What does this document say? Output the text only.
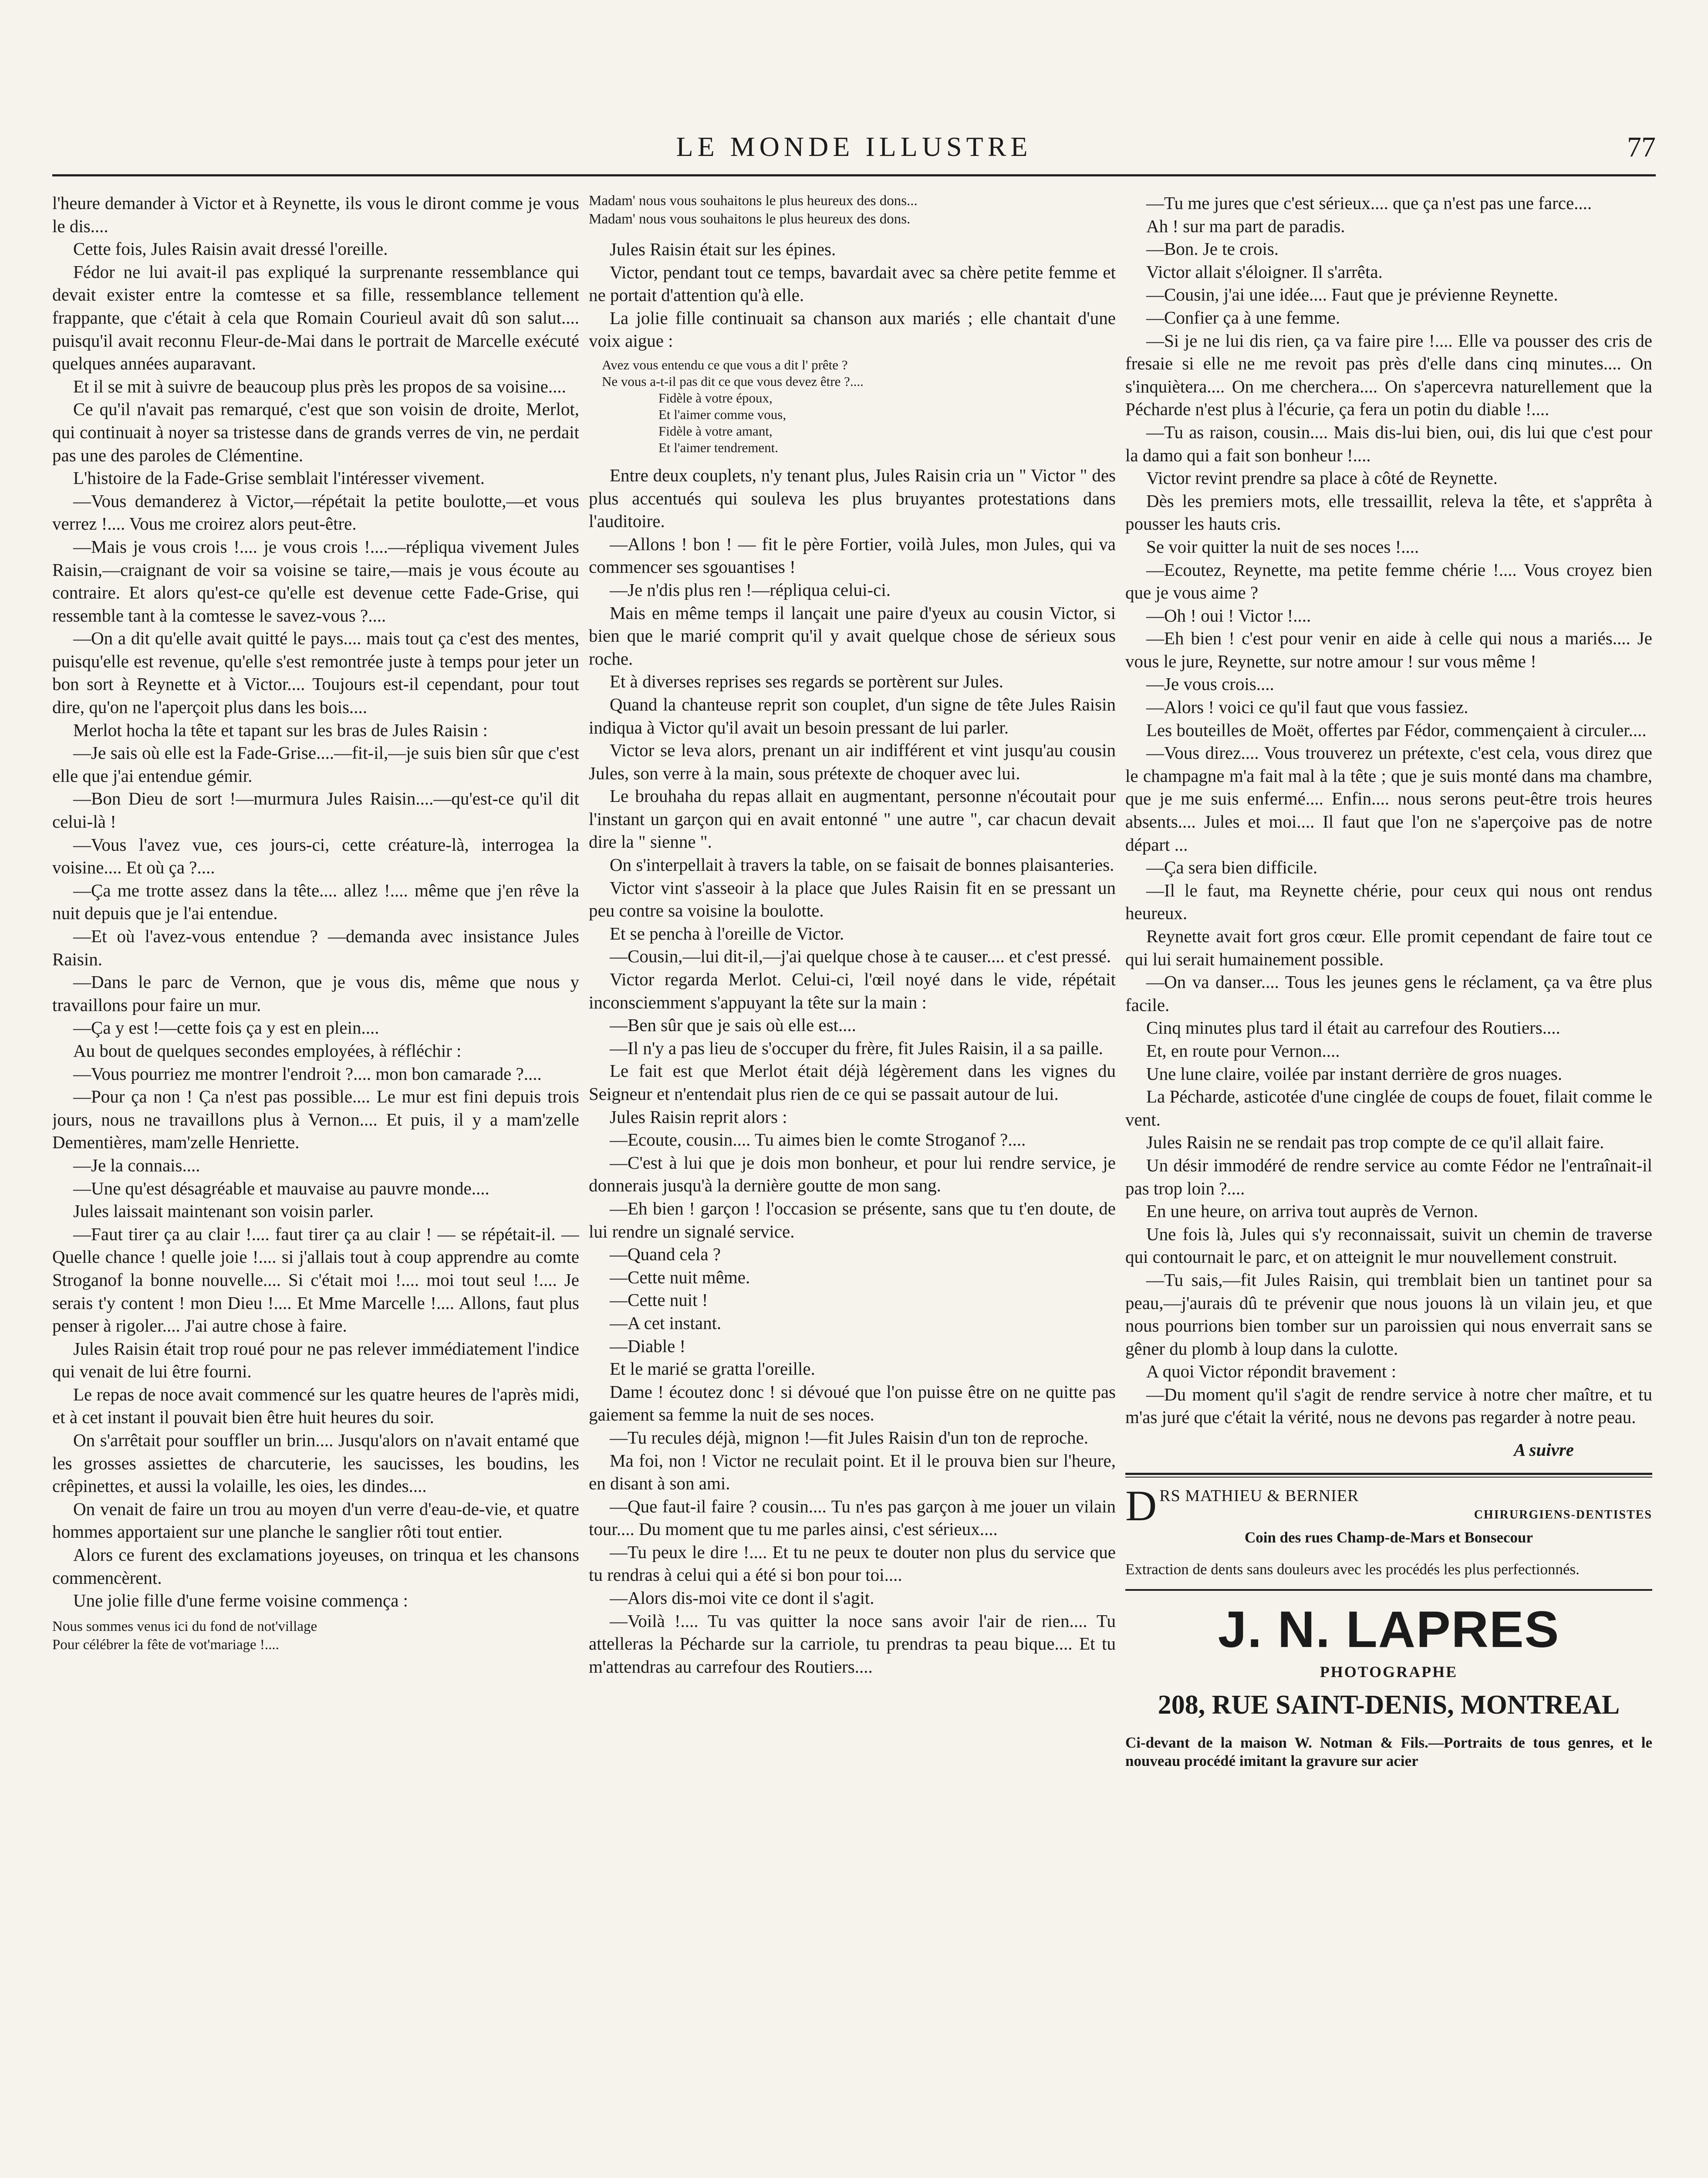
LE MONDE ILLUSTRE	77

l'heure demander à Victor et à Reynette, ils vous le diront comme je vous le dis....

Cette fois, Jules Raisin avait dressé l'oreille.

Fédor ne lui avait-il pas expliqué la surprenante ressemblance qui devait exister entre la comtesse et sa fille, ressemblance tellement frappante, que c'était à cela que Romain Courieul avait dû son salut.... puisqu'il avait reconnu Fleur-de-Mai dans le portrait de Marcelle exécuté quelques années auparavant.

Et il se mit à suivre de beaucoup plus près les propos de sa voisine....

Ce qu'il n'avait pas remarqué, c'est que son voisin de droite, Merlot, qui continuait à noyer sa tristesse dans de grands verres de vin, ne perdait pas une des paroles de Clémentine.

L'histoire de la Fade-Grise semblait l'intéresser vivement.

—Vous demanderez à Victor,—répétait la petite boulotte,—et vous verrez !.... Vous me croirez alors peut-être.

—Mais je vous crois !.... je vous crois !....—répliqua vivement Jules Raisin,—craignant de voir sa voisine se taire,—mais je vous écoute au contraire. Et alors qu'est-ce qu'elle est devenue cette Fade-Grise, qui ressemble tant à la comtesse le savez-vous ?....

—On a dit qu'elle avait quitté le pays.... mais tout ça c'est des mentes, puisqu'elle est revenue, qu'elle s'est remontrée juste à temps pour jeter un bon sort à Reynette et à Victor.... Toujours est-il cependant, pour tout dire, qu'on ne l'aperçoit plus dans les bois....

Merlot hocha la tête et tapant sur les bras de Jules Raisin :

—Je sais où elle est la Fade-Grise....—fit-il,—je suis bien sûr que c'est elle que j'ai entendue gémir.

—Bon Dieu de sort !—murmura Jules Raisin....—qu'est-ce qu'il dit celui-là !

—Vous l'avez vue, ces jours-ci, cette créature-là, interrogea la voisine.... Et où ça ?....

—Ça me trotte assez dans la tête.... allez !.... même que j'en rêve la nuit depuis que je l'ai entendue.

—Et où l'avez-vous entendue ? —demanda avec insistance Jules Raisin.

—Dans le parc de Vernon, que je vous dis, même que nous y travaillons pour faire un mur.

—Ça y est !—cette fois ça y est en plein....

Au bout de quelques secondes employées, à réfléchir :

—Vous pourriez me montrer l'endroit ?.... mon bon camarade ?....

—Pour ça non ! Ça n'est pas possible.... Le mur est fini depuis trois jours, nous ne travaillons plus à Vernon.... Et puis, il y a mam'zelle Dementières, mam'zelle Henriette.

—Je la connais....

—Une qu'est désagréable et mauvaise au pauvre monde....

Jules laissait maintenant son voisin parler.

—Faut tirer ça au clair !.... faut tirer ça au clair ! — se répétait-il. — Quelle chance ! quelle joie !.... si j'allais tout à coup apprendre au comte Stroganof la bonne nouvelle.... Si c'était moi !.... moi tout seul !.... Je serais t'y content ! mon Dieu !.... Et Mme Marcelle !.... Allons, faut plus penser à rigoler.... J'ai autre chose à faire.

Jules Raisin était trop roué pour ne pas relever immédiatement l'indice qui venait de lui être fourni.

Le repas de noce avait commencé sur les quatre heures de l'après midi, et à cet instant il pouvait bien être huit heures du soir.

On s'arrêtait pour souffler un brin.... Jusqu'alors on n'avait entamé que les grosses assiettes de charcuterie, les saucisses, les boudins, les crêpinettes, et aussi la volaille, les oies, les dindes....

On venait de faire un trou au moyen d'un verre d'eau-de-vie, et quatre hommes apportaient sur une planche le sanglier rôti tout entier.

Alors ce furent des exclamations joyeuses, on trinqua et les chansons commencèrent.

Une jolie fille d'une ferme voisine commença :

Nous sommes venus ici du fond de not'village
Pour célébrer la fête de vot'mariage !....
Madam' nous vous souhaitons le plus heureux des dons...
Madam' nous vous souhaitons le plus heureux des dons.

Jules Raisin était sur les épines.

Victor, pendant tout ce temps, bavardait avec sa chère petite femme et ne portait d'attention qu'à elle.

La jolie fille continuait sa chanson aux mariés ; elle chantait d'une voix aigue :

Avez vous entendu ce que vous a dit l' prête ?
Ne vous a-t-il pas dit ce que vous devez être ?....
Fidèle à votre époux,
Et l'aimer comme vous,
Fidèle à votre amant,
Et l'aimer tendrement.

Entre deux couplets, n'y tenant plus, Jules Raisin cria un " Victor " des plus accentués qui souleva les plus bruyantes protestations dans l'auditoire.

—Allons ! bon ! — fit le père Fortier, voilà Jules, mon Jules, qui va commencer ses sgouantises !

—Je n'dis plus ren !—répliqua celui-ci.

Mais en même temps il lançait une paire d'yeux au cousin Victor, si bien que le marié comprit qu'il y avait quelque chose de sérieux sous roche.

Et à diverses reprises ses regards se portèrent sur Jules.

Quand la chanteuse reprit son couplet, d'un signe de tête Jules Raisin indiqua à Victor qu'il avait un besoin pressant de lui parler.

Victor se leva alors, prenant un air indifférent et vint jusqu'au cousin Jules, son verre à la main, sous prétexte de choquer avec lui.

Le brouhaha du repas allait en augmentant, personne n'écoutait pour l'instant un garçon qui en avait entonné " une autre ", car chacun devait dire la " sienne ".

On s'interpellait à travers la table, on se faisait de bonnes plaisanteries.

Victor vint s'asseoir à la place que Jules Raisin fit en se pressant un peu contre sa voisine la boulotte.

Et se pencha à l'oreille de Victor.

—Cousin,—lui dit-il,—j'ai quelque chose à te causer.... et c'est pressé.

Victor regarda Merlot. Celui-ci, l'œil noyé dans le vide, répétait inconsciemment s'appuyant la tête sur la main :

—Ben sûr que je sais où elle est....

—Il n'y a pas lieu de s'occuper du frère, fit Jules Raisin, il a sa paille.

Le fait est que Merlot était déjà légèrement dans les vignes du Seigneur et n'entendait plus rien de ce qui se passait autour de lui.

Jules Raisin reprit alors :

—Ecoute, cousin.... Tu aimes bien le comte Stroganof ?....

—C'est à lui que je dois mon bonheur, et pour lui rendre service, je donnerais jusqu'à la dernière goutte de mon sang.

—Eh bien ! garçon ! l'occasion se présente, sans que tu t'en doute, de lui rendre un signalé service.

—Quand cela ?

—Cette nuit même.

—Cette nuit !

—A cet instant.

—Diable !

Et le marié se gratta l'oreille.

Dame ! écoutez donc ! si dévoué que l'on puisse être on ne quitte pas gaiement sa femme la nuit de ses noces.

—Tu recules déjà, mignon !—fit Jules Raisin d'un ton de reproche.

Ma foi, non ! Victor ne reculait point. Et il le prouva bien sur l'heure, en disant à son ami.

—Que faut-il faire ? cousin.... Tu n'es pas garçon à me jouer un vilain tour.... Du moment que tu me parles ainsi, c'est sérieux....

—Tu peux le dire !.... Et tu ne peux te douter non plus du service que tu rendras à celui qui a été si bon pour toi....

—Alors dis-moi vite ce dont il s'agit.

—Voilà !.... Tu vas quitter la noce sans avoir l'air de rien.... Tu attelleras la Pécharde sur la carriole, tu prendras ta peau bique.... Et tu m'attendras au carrefour des Routiers....

—Tu me jures que c'est sérieux.... que ça n'est pas une farce....

Ah ! sur ma part de paradis.

—Bon. Je te crois.

Victor allait s'éloigner. Il s'arrêta.

—Cousin, j'ai une idée.... Faut que je prévienne Reynette.

—Confier ça à une femme.

—Si je ne lui dis rien, ça va faire pire !.... Elle va pousser des cris de fresaie si elle ne me revoit pas près d'elle dans cinq minutes.... On s'inquiètera.... On me cherchera.... On s'apercevra naturellement que la Pécharde n'est plus à l'écurie, ça fera un potin du diable !....

—Tu as raison, cousin.... Mais dis-lui bien, oui, dis lui que c'est pour la damo qui a fait son bonheur !....

Victor revint prendre sa place à côté de Reynette.

Dès les premiers mots, elle tressaillit, releva la tête, et s'apprêta à pousser les hauts cris.

Se voir quitter la nuit de ses noces !....

—Ecoutez, Reynette, ma petite femme chérie !.... Vous croyez bien que je vous aime ?

—Oh ! oui ! Victor !....

—Eh bien ! c'est pour venir en aide à celle qui nous a mariés.... Je vous le jure, Reynette, sur notre amour ! sur vous même !

—Je vous crois....

—Alors ! voici ce qu'il faut que vous fassiez.

Les bouteilles de Moët, offertes par Fédor, commençaient à circuler....

—Vous direz.... Vous trouverez un prétexte, c'est cela, vous direz que le champagne m'a fait mal à la tête ; que je suis monté dans ma chambre, que je me suis enfermé.... Enfin.... nous serons peut-être trois heures absents.... Jules et moi.... Il faut que l'on ne s'aperçoive pas de notre départ ...

—Ça sera bien difficile.

—Il le faut, ma Reynette chérie, pour ceux qui nous ont rendus heureux.

Reynette avait fort gros cœur. Elle promit cependant de faire tout ce qui lui serait humainement possible.

—On va danser.... Tous les jeunes gens le réclament, ça va être plus facile.

Cinq minutes plus tard il était au carrefour des Routiers....

Et, en route pour Vernon....

Une lune claire, voilée par instant derrière de gros nuages.

La Pécharde, asticotée d'une cinglée de coups de fouet, filait comme le vent.

Jules Raisin ne se rendait pas trop compte de ce qu'il allait faire.

Un désir immodéré de rendre service au comte Fédor ne l'entraînait-il pas trop loin ?....

En une heure, on arriva tout auprès de Vernon.

Une fois là, Jules qui s'y reconnaissait, suivit un chemin de traverse qui contournait le parc, et on atteignit le mur nouvellement construit.

—Tu sais,—fit Jules Raisin, qui tremblait bien un tantinet pour sa peau,—j'aurais dû te prévenir que nous jouons là un vilain jeu, et que nous pourrions bien tomber sur un paroissien qui nous enverrait sans se gêner du plomb à loup dans la culotte.

A quoi Victor répondit bravement :

—Du moment qu'il s'agit de rendre service à notre cher maître, et tu m'as juré que c'était la vérité, nous ne devons pas regarder à notre peau.

A suivre
D RS MATHIEU & BERNIER
CHIRURGIENS-DENTISTES
Coin des rues Champ-de-Mars et Bonsecour
Extraction de dents sans douleurs avec les procédés les plus perfectionnés.
J. N. LAPRES
PHOTOGRAPHE
208, RUE SAINT-DENIS, MONTREAL
Ci-devant de la maison W. Notman & Fils.—Portraits de tous genres, et le nouveau procédé imitant la gravure sur acier
